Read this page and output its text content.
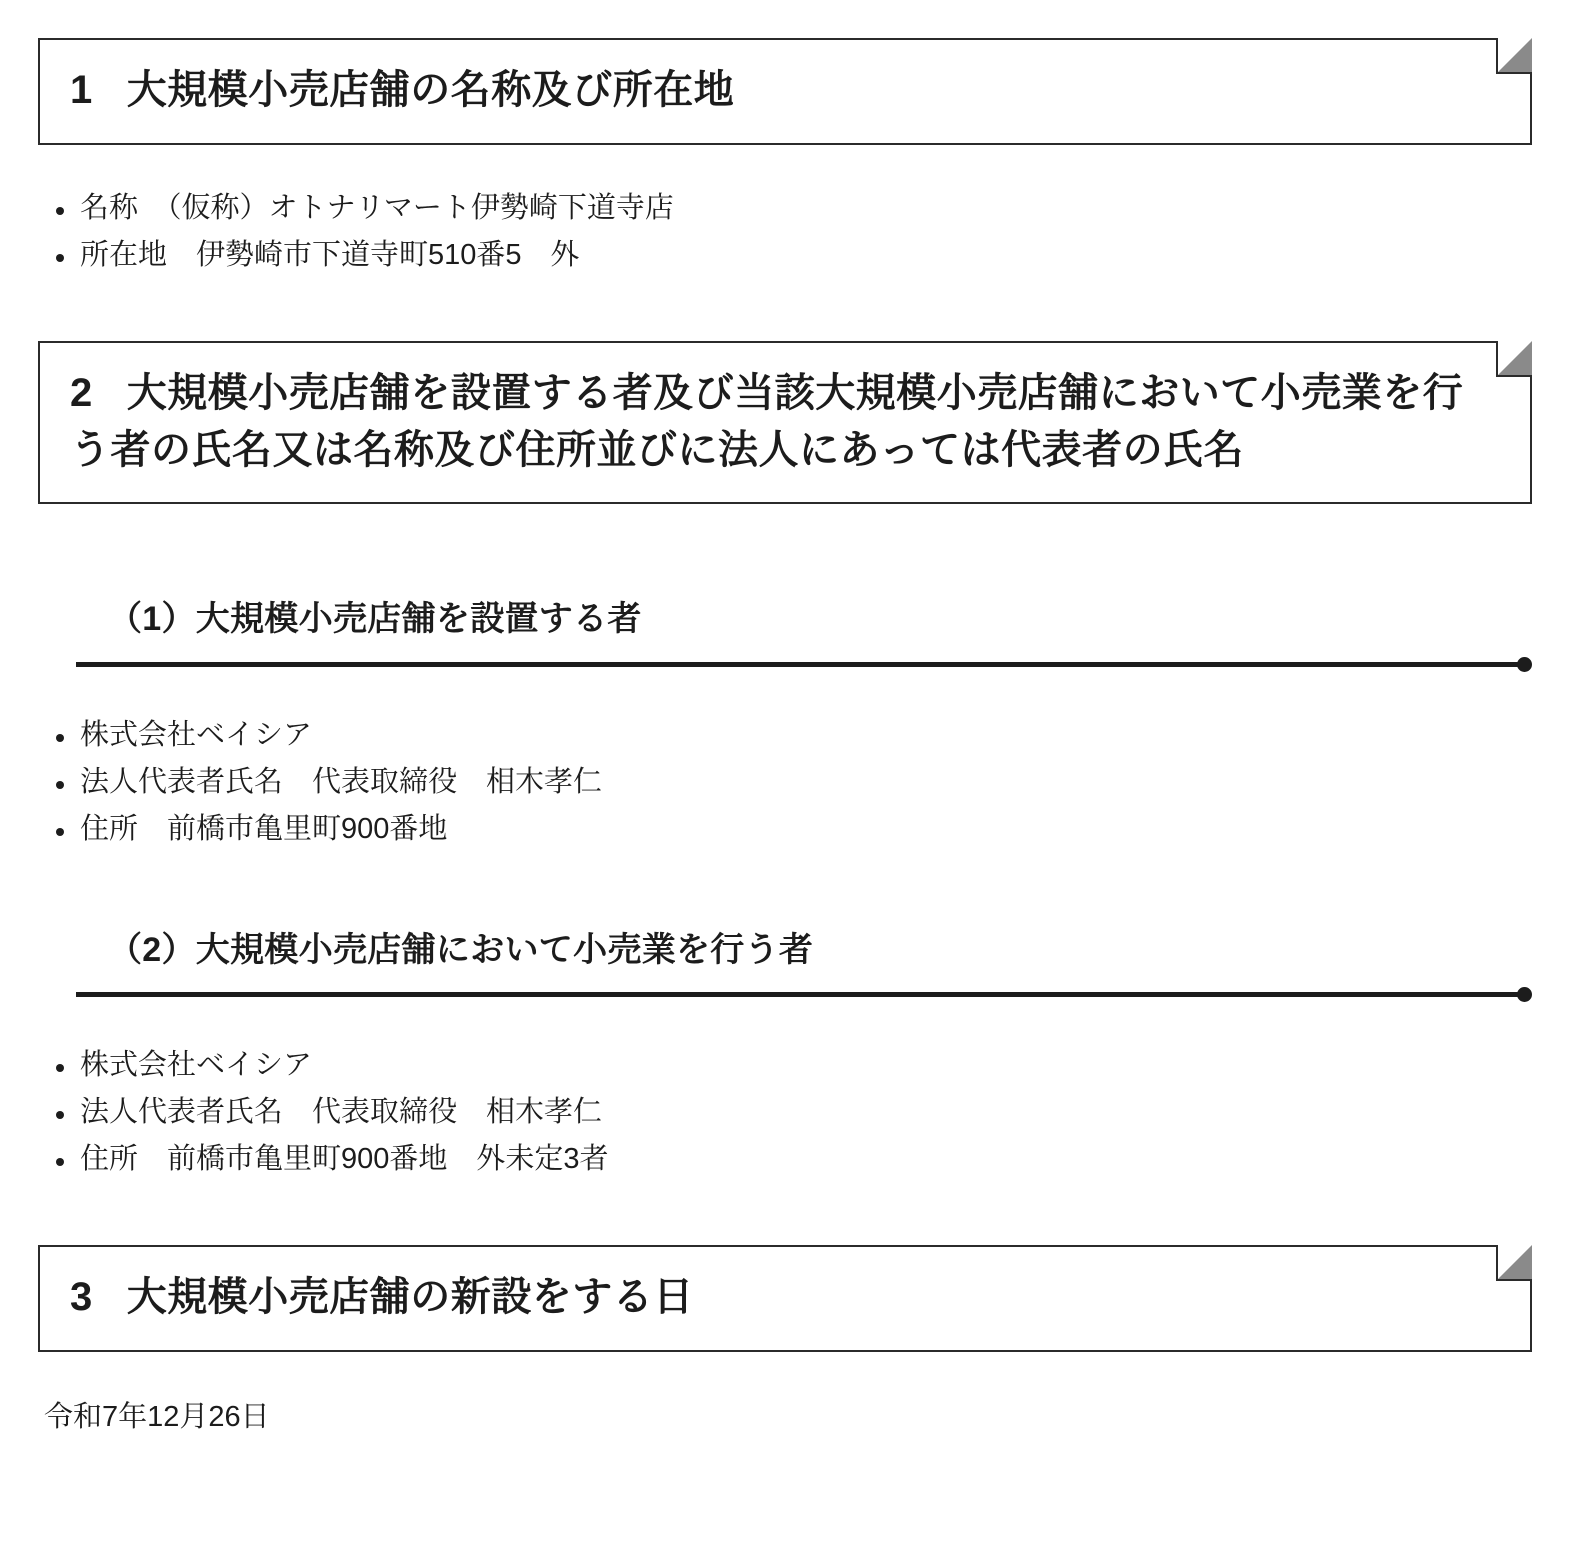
1 大規模小売店舗の名称及び所在地
名称　（仮称）オトナリマート伊勢崎下道寺店
所在地　伊勢崎市下道寺町510番5　外
2 大規模小売店舗を設置する者及び当該大規模小売店舗において小売業を行う者の氏名又は名称及び住所並びに法人にあっては代表者の氏名
（1）大規模小売店舗を設置する者
株式会社ベイシア
法人代表者氏名　代表取締役　相木孝仁
住所　前橋市亀里町900番地
（2）大規模小売店舗において小売業を行う者
株式会社ベイシア
法人代表者氏名　代表取締役　相木孝仁
住所　前橋市亀里町900番地　外未定3者
3 大規模小売店舗の新設をする日
令和7年12月26日
